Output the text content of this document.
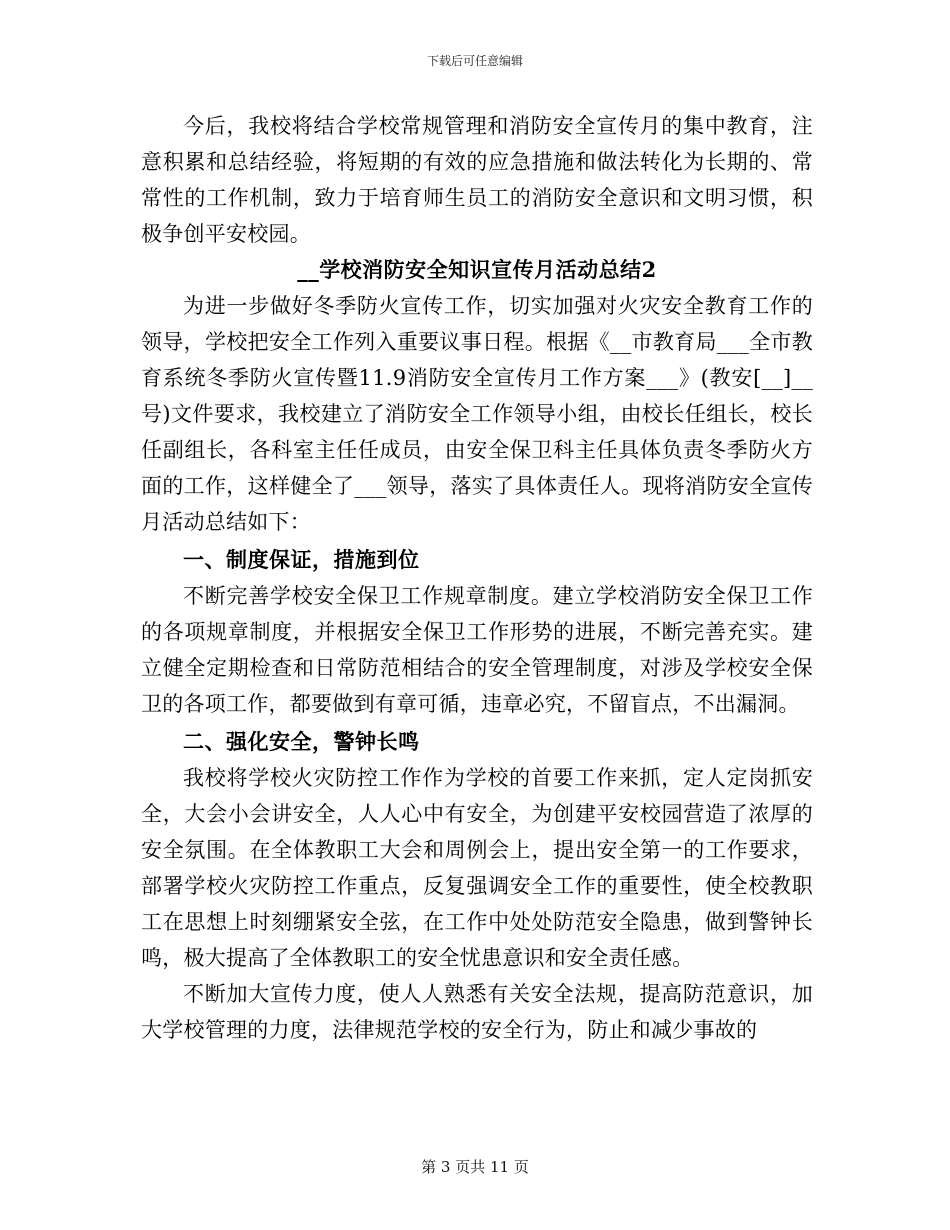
下载后可任意编辑

今后，我校将结合学校常规管理和消防安全宣传月的集中教育，注意积累和总结经验，将短期的有效的应急措施和做法转化为长期的、常常性的工作机制，致力于培育师生员工的消防安全意识和文明习惯，积极争创平安校园。

__学校消防安全知识宣传月活动总结2

为进一步做好冬季防火宣传工作，切实加强对火灾安全教育工作的领导，学校把安全工作列入重要议事日程。根据《__市教育局___全市教育系统冬季防火宣传暨11.9消防安全宣传月工作方案___》(教安[__]__号)文件要求，我校建立了消防安全工作领导小组，由校长任组长，校长任副组长，各科室主任任成员，由安全保卫科主任具体负责冬季防火方面的工作，这样健全了___领导，落实了具体责任人。现将消防安全宣传月活动总结如下：

一、制度保证，措施到位

不断完善学校安全保卫工作规章制度。建立学校消防安全保卫工作的各项规章制度，并根据安全保卫工作形势的进展，不断完善充实。建立健全定期检查和日常防范相结合的安全管理制度，对涉及学校安全保卫的各项工作，都要做到有章可循，违章必究，不留盲点，不出漏洞。

二、强化安全，警钟长鸣

我校将学校火灾防控工作作为学校的首要工作来抓，定人定岗抓安全，大会小会讲安全，人人心中有安全，为创建平安校园营造了浓厚的安全氛围。在全体教职工大会和周例会上，提出安全第一的工作要求，部署学校火灾防控工作重点，反复强调安全工作的重要性，使全校教职工在思想上时刻绷紧安全弦，在工作中处处防范安全隐患，做到警钟长鸣，极大提高了全体教职工的安全忧患意识和安全责任感。

不断加大宣传力度，使人人熟悉有关安全法规，提高防范意识，加大学校管理的力度，法律规范学校的安全行为，防止和减少事故的

第 3 页共 11 页
